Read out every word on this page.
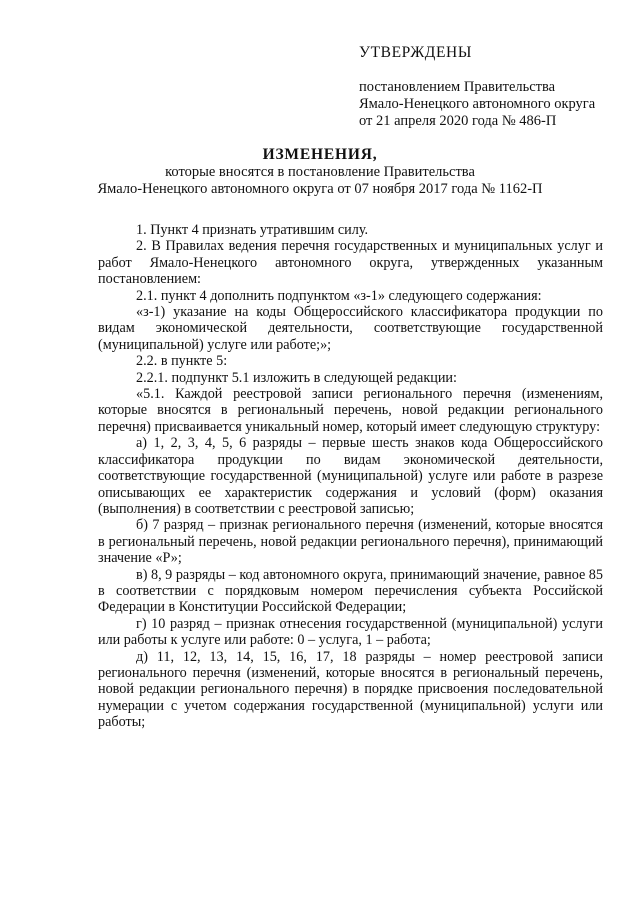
УТВЕРЖДЕНЫ
постановлением Правительства
Ямало-Ненецкого автономного округа
от 21 апреля 2020 года № 486-П
ИЗМЕНЕНИЯ,
которые вносятся в постановление Правительства
Ямало-Ненецкого автономного округа от 07 ноября 2017 года № 1162-П

1. Пункт 4 признать утратившим силу.

2. В Правилах ведения перечня государственных и муниципальных услуг и работ Ямало-Ненецкого автономного округа, утвержденных указанным постановлением:

2.1. пункт 4 дополнить подпунктом «з-1» следующего содержания:

«з-1) указание на коды Общероссийского классификатора продукции по видам экономической деятельности, соответствующие государственной (муниципальной) услуге или работе;»;

2.2. в пункте 5:

2.2.1. подпункт 5.1 изложить в следующей редакции:

«5.1. Каждой реестровой записи регионального перечня (изменениям, которые вносятся в региональный перечень, новой редакции регионального перечня) присваивается уникальный номер, который имеет следующую структуру:

а) 1, 2, 3, 4, 5, 6 разряды – первые шесть знаков кода Общероссийского классификатора продукции по видам экономической деятельности, соответствующие государственной (муниципальной) услуге или работе в разрезе описывающих ее характеристик содержания и условий (форм) оказания (выполнения) в соответствии с реестровой записью;

б) 7 разряд – признак регионального перечня (изменений, которые вносятся в региональный перечень, новой редакции регионального перечня), принимающий значение «Р»;

в) 8, 9 разряды – код автономного округа, принимающий значение, равное 85 в соответствии с порядковым номером перечисления субъекта Российской Федерации в Конституции Российской Федерации;

г) 10 разряд – признак отнесения государственной (муниципальной) услуги или работы к услуге или работе: 0 – услуга, 1 – работа;

д) 11, 12, 13, 14, 15, 16, 17, 18 разряды – номер реестровой записи регионального перечня (изменений, которые вносятся в региональный перечень, новой редакции регионального перечня) в порядке присвоения последовательной нумерации с учетом содержания государственной (муниципальной) услуги или работы;
